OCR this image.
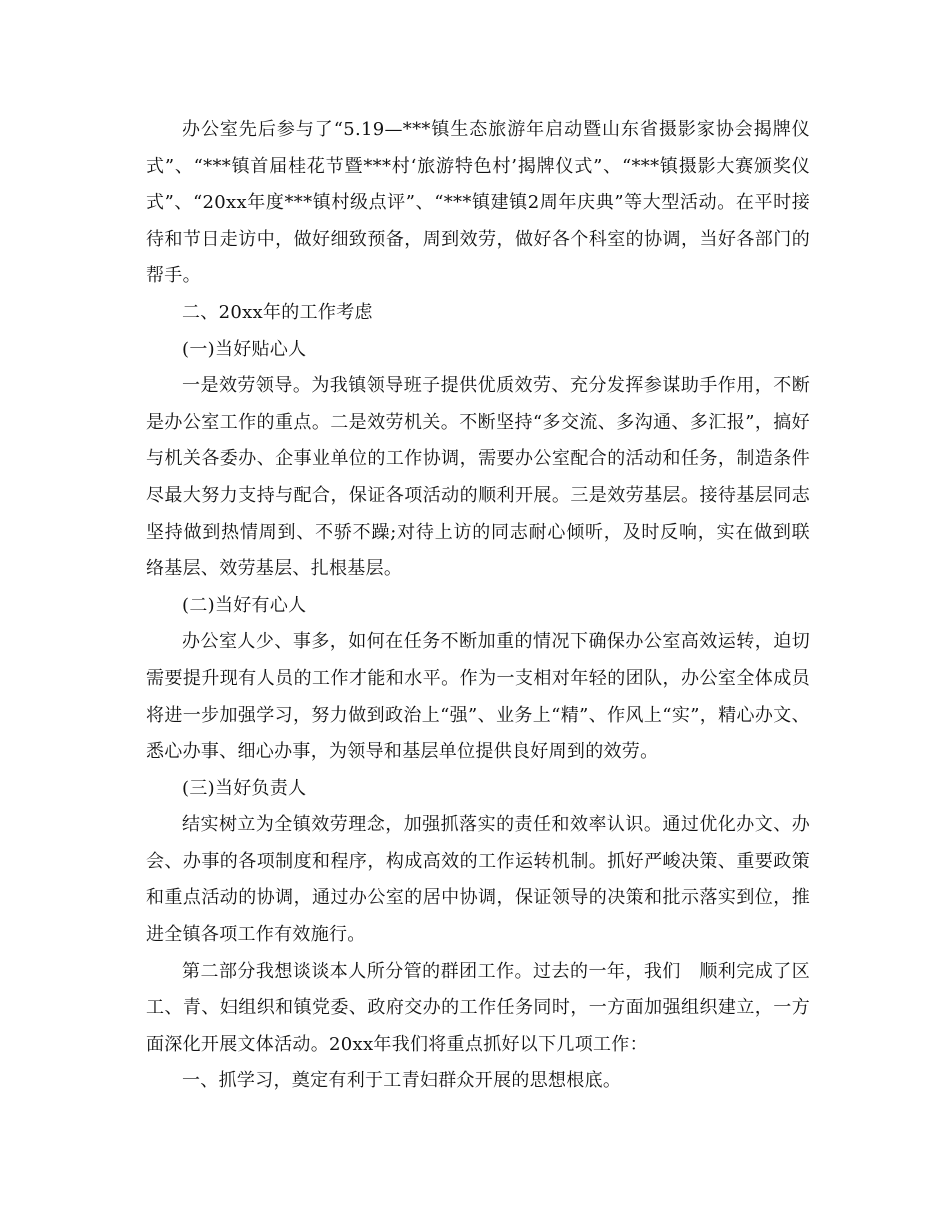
办公室先后参与了“5.19—***镇生态旅游年启动暨山东省摄影家协会揭牌仪式”、“***镇首届桂花节暨***村‘旅游特色村’揭牌仪式”、“***镇摄影大赛颁奖仪式”、“20xx年度***镇村级点评”、“***镇建镇2周年庆典”等大型活动。在平时接待和节日走访中，做好细致预备，周到效劳，做好各个科室的协调，当好各部门的帮手。

二、20xx年的工作考虑

(一)当好贴心人

一是效劳领导。为我镇领导班子提供优质效劳、充分发挥参谋助手作用，不断是办公室工作的重点。二是效劳机关。不断坚持“多交流、多沟通、多汇报”，搞好与机关各委办、企事业单位的工作协调，需要办公室配合的活动和任务，制造条件尽最大努力支持与配合，保证各项活动的顺利开展。三是效劳基层。接待基层同志坚持做到热情周到、不骄不躁;对待上访的同志耐心倾听，及时反响，实在做到联络基层、效劳基层、扎根基层。

(二)当好有心人

办公室人少、事多，如何在任务不断加重的情况下确保办公室高效运转，迫切需要提升现有人员的工作才能和水平。作为一支相对年轻的团队，办公室全体成员将进一步加强学习，努力做到政治上“强”、业务上“精”、作风上“实”，精心办文、悉心办事、细心办事，为领导和基层单位提供良好周到的效劳。

(三)当好负责人

结实树立为全镇效劳理念，加强抓落实的责任和效率认识。通过优化办文、办会、办事的各项制度和程序，构成高效的工作运转机制。抓好严峻决策、重要政策和重点活动的协调，通过办公室的居中协调，保证领导的决策和批示落实到位，推进全镇各项工作有效施行。

第二部分我想谈谈本人所分管的群团工作。过去的一年，我们　顺利完成了区工、青、妇组织和镇党委、政府交办的工作任务同时，一方面加强组织建立，一方面深化开展文体活动。20xx年我们将重点抓好以下几项工作：

一、抓学习，奠定有利于工青妇群众开展的思想根底。
